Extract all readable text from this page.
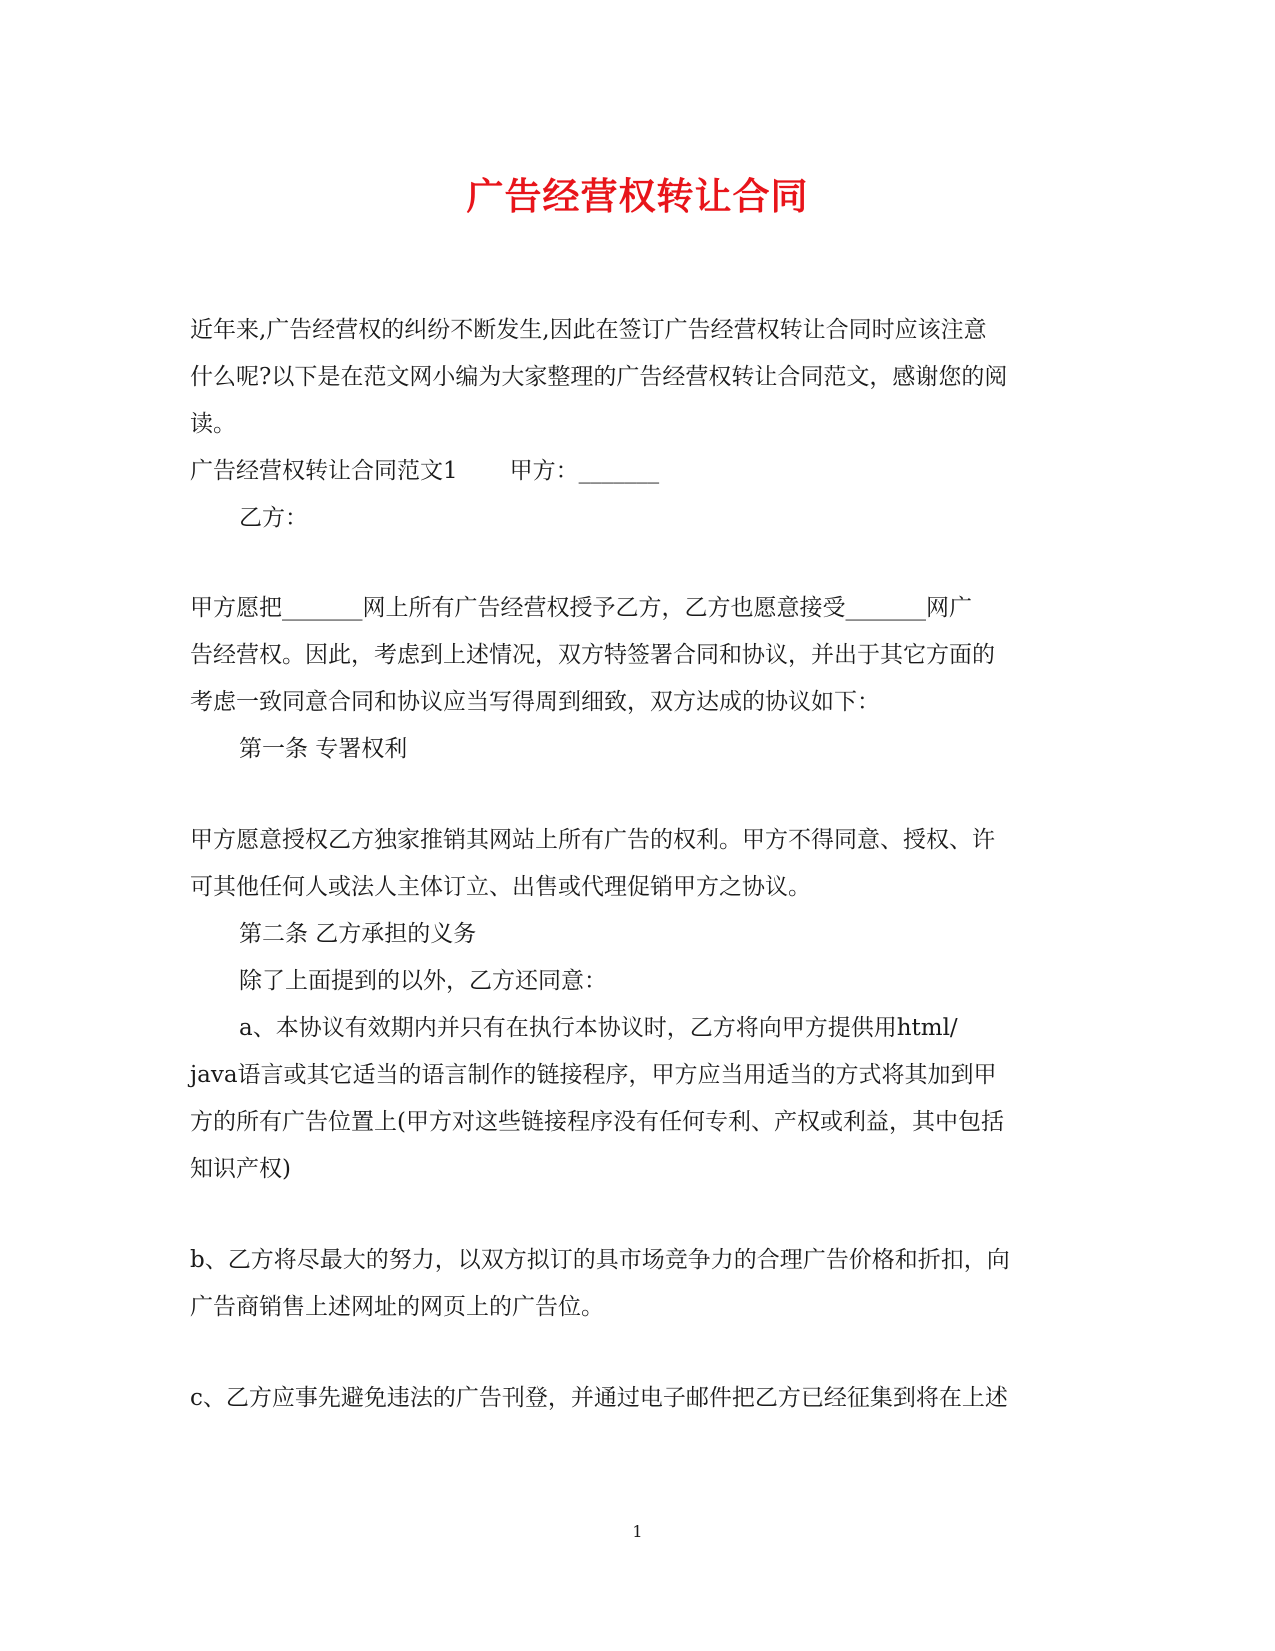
广告经营权转让合同
近年来,广告经营权的纠纷不断发生,因此在签订广告经营权转让合同时应该注意
什么呢?以下是在范文网小编为大家整理的广告经营权转让合同范文，感谢您的阅
读。
广告经营权转让合同范文1 甲方：_______
乙方：
甲方愿把_______网上所有广告经营权授予乙方，乙方也愿意接受_______网广
告经营权。因此，考虑到上述情况，双方特签署合同和协议，并出于其它方面的
考虑一致同意合同和协议应当写得周到细致，双方达成的协议如下：
第一条 专署权利
甲方愿意授权乙方独家推销其网站上所有广告的权利。甲方不得同意、授权、许
可其他任何人或法人主体订立、出售或代理促销甲方之协议。
第二条 乙方承担的义务
除了上面提到的以外，乙方还同意：
a、本协议有效期内并只有在执行本协议时，乙方将向甲方提供用html/
java语言或其它适当的语言制作的链接程序，甲方应当用适当的方式将其加到甲
方的所有广告位置上(甲方对这些链接程序没有任何专利、产权或利益，其中包括
知识产权)
b、乙方将尽最大的努力，以双方拟订的具市场竞争力的合理广告价格和折扣，向
广告商销售上述网址的网页上的广告位。
c、乙方应事先避免违法的广告刊登，并通过电子邮件把乙方已经征集到将在上述
1
